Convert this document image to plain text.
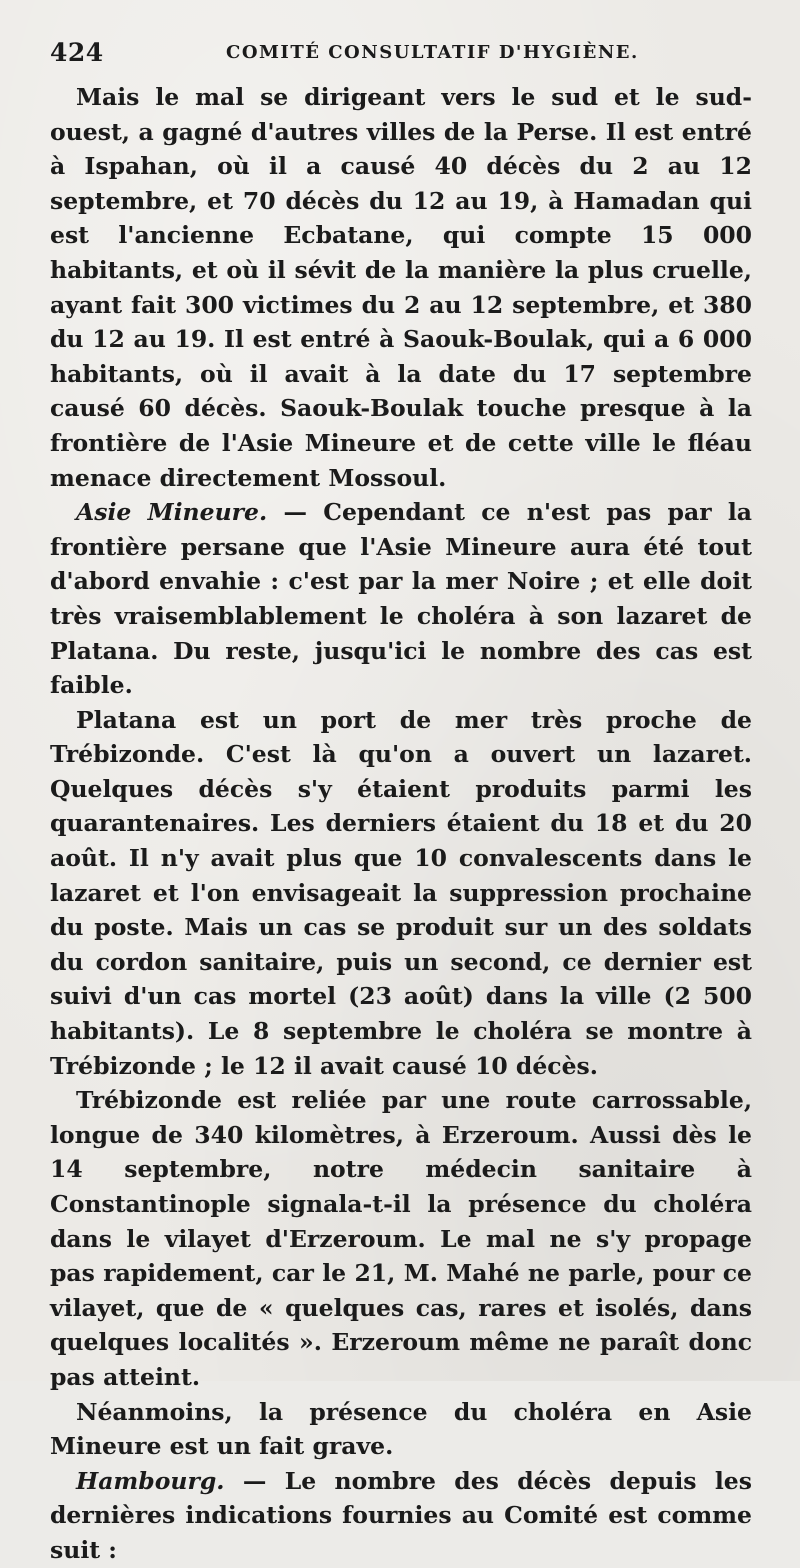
424	COMITÉ CONSULTATIF D'HYGIÈNE.

Mais le mal se dirigeant vers le sud et le sud-ouest, a gagné d'autres villes de la Perse. Il est entré à Ispahan, où il a causé 40 décès du 2 au 12 septembre, et 70 décès du 12 au 19, à Hamadan qui est l'ancienne Ecbatane, qui compte 15 000 habitants, et où il sévit de la manière la plus cruelle, ayant fait 300 victimes du 2 au 12 septembre, et 380 du 12 au 19. Il est entré à Saouk-Boulak, qui a 6 000 habitants, où il avait à la date du 17 septembre causé 60 décès. Saouk-Boulak touche presque à la frontière de l'Asie Mineure et de cette ville le fléau menace directement Mossoul.

Asie Mineure. — Cependant ce n'est pas par la frontière persane que l'Asie Mineure aura été tout d'abord envahie : c'est par la mer Noire ; et elle doit très vraisemblablement le choléra à son lazaret de Platana. Du reste, jusqu'ici le nombre des cas est faible.

Platana est un port de mer très proche de Trébizonde. C'est là qu'on a ouvert un lazaret. Quelques décès s'y étaient produits parmi les quarantenaires. Les derniers étaient du 18 et du 20 août. Il n'y avait plus que 10 convalescents dans le lazaret et l'on envisageait la suppression prochaine du poste. Mais un cas se produit sur un des soldats du cordon sanitaire, puis un second, ce dernier est suivi d'un cas mortel (23 août) dans la ville (2 500 habitants). Le 8 septembre le choléra se montre à Trébizonde ; le 12 il avait causé 10 décès.

Trébizonde est reliée par une route carrossable, longue de 340 kilomètres, à Erzeroum. Aussi dès le 14 septembre, notre médecin sanitaire à Constantinople signala-t-il la présence du choléra dans le vilayet d'Erzeroum. Le mal ne s'y propage pas rapidement, car le 21, M. Mahé ne parle, pour ce vilayet, que de « quelques cas, rares et isolés, dans quelques localités ». Erzeroum même ne paraît donc pas atteint.

Néanmoins, la présence du choléra en Asie Mineure est un fait grave.

Hambourg. — Le nombre des décès depuis les dernières indications fournies au Comité est comme suit :
